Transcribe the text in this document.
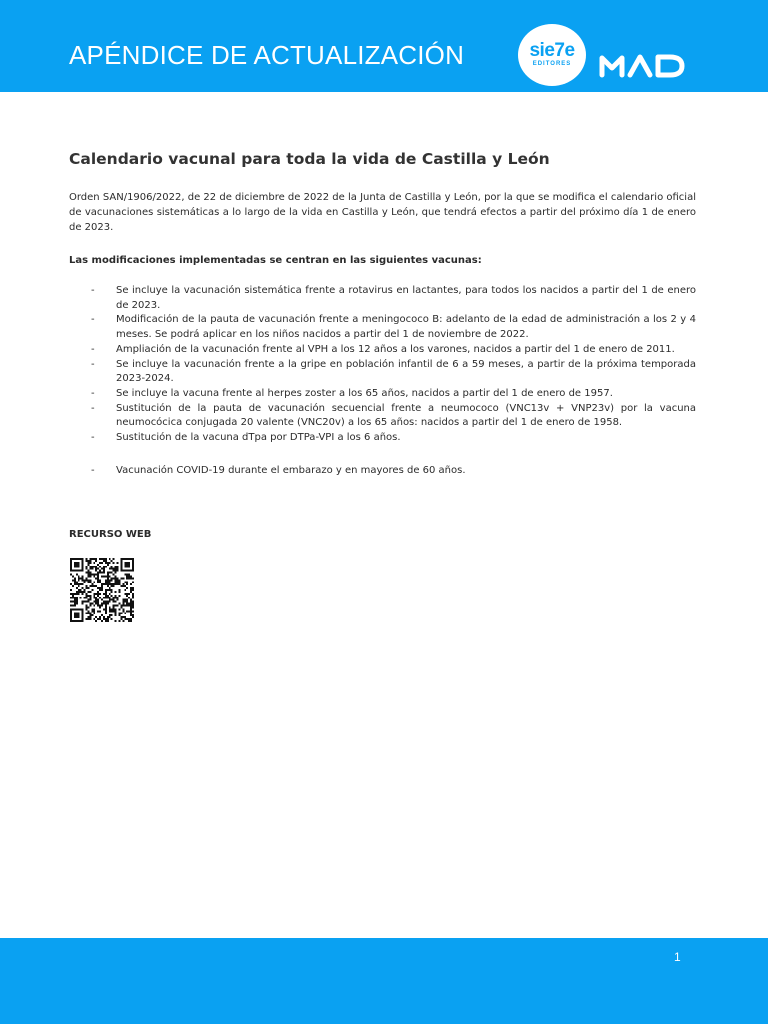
APÉNDICE DE ACTUALIZACIÓN	sie7e
EDITORES
Calendario vacunal para toda la vida de Castilla y León

Orden SAN/1906/2022, de 22 de diciembre de 2022 de la Junta de Castilla y León, por la que se modifica el calendario oficial de vacunaciones sistemáticas a lo largo de la vida en Castilla y León, que tendrá efectos a partir del próximo día 1 de enero de 2023.

Las modificaciones implementadas se centran en las siguientes vacunas:

- Se incluye la vacunación sistemática frente a rotavirus en lactantes, para todos los nacidos a partir del 1 de enero de 2023.
- Modificación de la pauta de vacunación frente a meningococo B: adelanto de la edad de administración a los 2 y 4 meses. Se podrá aplicar en los niños nacidos a partir del 1 de noviembre de 2022.
- Ampliación de la vacunación frente al VPH a los 12 años a los varones, nacidos a partir del 1 de enero de 2011.
- Se incluye la vacunación frente a la gripe en población infantil de 6 a 59 meses, a partir de la próxima temporada 2023-2024.
- Se incluye la vacuna frente al herpes zoster a los 65 años, nacidos a partir del 1 de enero de 1957.
- Sustitución de la pauta de vacunación secuencial frente a neumococo (VNC13v + VNP23v) por la vacuna neumocócica conjugada 20 valente (VNC20v) a los 65 años: nacidos a partir del 1 de enero de 1958.
- Sustitución de la vacuna dTpa por DTPa-VPI a los 6 años.
- Vacunación COVID-19 durante el embarazo y en mayores de 60 años.

RECURSO WEB

1
